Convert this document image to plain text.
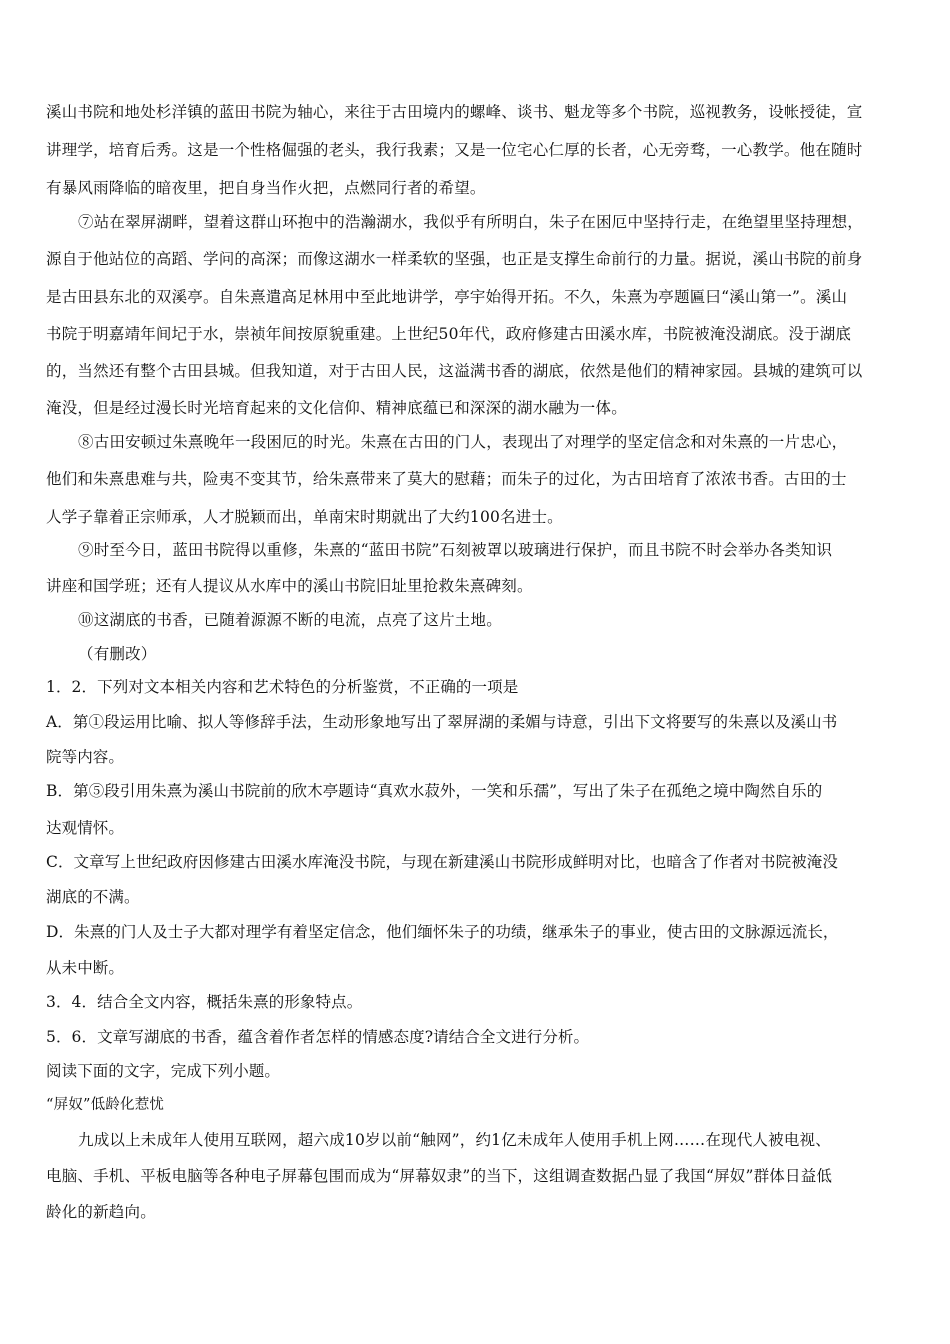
溪山书院和地处杉洋镇的蓝田书院为轴心，来往于古田境内的螺峰、谈书、魁龙等多个书院，巡视教务，设帐授徒，宣
讲理学，培育后秀。这是一个性格倔强的老头，我行我素；又是一位宅心仁厚的长者，心无旁骛，一心教学。他在随时
有暴风雨降临的暗夜里，把自身当作火把，点燃同行者的希望。
⑦站在翠屏湖畔，望着这群山环抱中的浩瀚湖水，我似乎有所明白，朱子在困厄中坚持行走，在绝望里坚持理想，
源自于他站位的高蹈、学问的高深；而像这湖水一样柔软的坚强，也正是支撑生命前行的力量。据说，溪山书院的前身
是古田县东北的双溪亭。自朱熹遣高足林用中至此地讲学，亭宇始得开拓。不久，朱熹为亭题匾曰“溪山第一”。溪山
书院于明嘉靖年间圮于水，崇祯年间按原貌重建。上世纪50年代，政府修建古田溪水库，书院被淹没湖底。没于湖底
的，当然还有整个古田县城。但我知道，对于古田人民，这溢满书香的湖底，依然是他们的精神家园。县城的建筑可以
淹没，但是经过漫长时光培育起来的文化信仰、精神底蕴已和深深的湖水融为一体。
⑧古田安顿过朱熹晚年一段困厄的时光。朱熹在古田的门人，表现出了对理学的坚定信念和对朱熹的一片忠心，
他们和朱熹患难与共，险夷不变其节，给朱熹带来了莫大的慰藉；而朱子的过化，为古田培育了浓浓书香。古田的士
人学子靠着正宗师承，人才脱颖而出，单南宋时期就出了大约100名进士。
⑨时至今日，蓝田书院得以重修，朱熹的“蓝田书院”石刻被罩以玻璃进行保护，而且书院不时会举办各类知识
讲座和国学班；还有人提议从水库中的溪山书院旧址里抢救朱熹碑刻。
⑩这湖底的书香，已随着源源不断的电流，点亮了这片土地。
（有删改）
1．2．下列对文本相关内容和艺术特色的分析鉴赏，不正确的一项是
A．第①段运用比喻、拟人等修辞手法，生动形象地写出了翠屏湖的柔媚与诗意，引出下文将要写的朱熹以及溪山书
院等内容。
B．第⑤段引用朱熹为溪山书院前的欣木亭题诗“真欢水菽外，一笑和乐孺”，写出了朱子在孤绝之境中陶然自乐的
达观情怀。
C．文章写上世纪政府因修建古田溪水库淹没书院，与现在新建溪山书院形成鲜明对比，也暗含了作者对书院被淹没
湖底的不满。
D．朱熹的门人及士子大都对理学有着坚定信念，他们缅怀朱子的功绩，继承朱子的事业，使古田的文脉源远流长，
从未中断。
3．4．结合全文内容，概括朱熹的形象特点。
5．6．文章写湖底的书香，蕴含着作者怎样的情感态度?请结合全文进行分析。
阅读下面的文字，完成下列小题。
“屏奴”低龄化惹忧
九成以上未成年人使用互联网，超六成10岁以前“触网”，约1亿未成年人使用手机上网……在现代人被电视、
电脑、手机、平板电脑等各种电子屏幕包围而成为“屏幕奴隶”的当下，这组调查数据凸显了我国“屏奴”群体日益低
龄化的新趋向。
